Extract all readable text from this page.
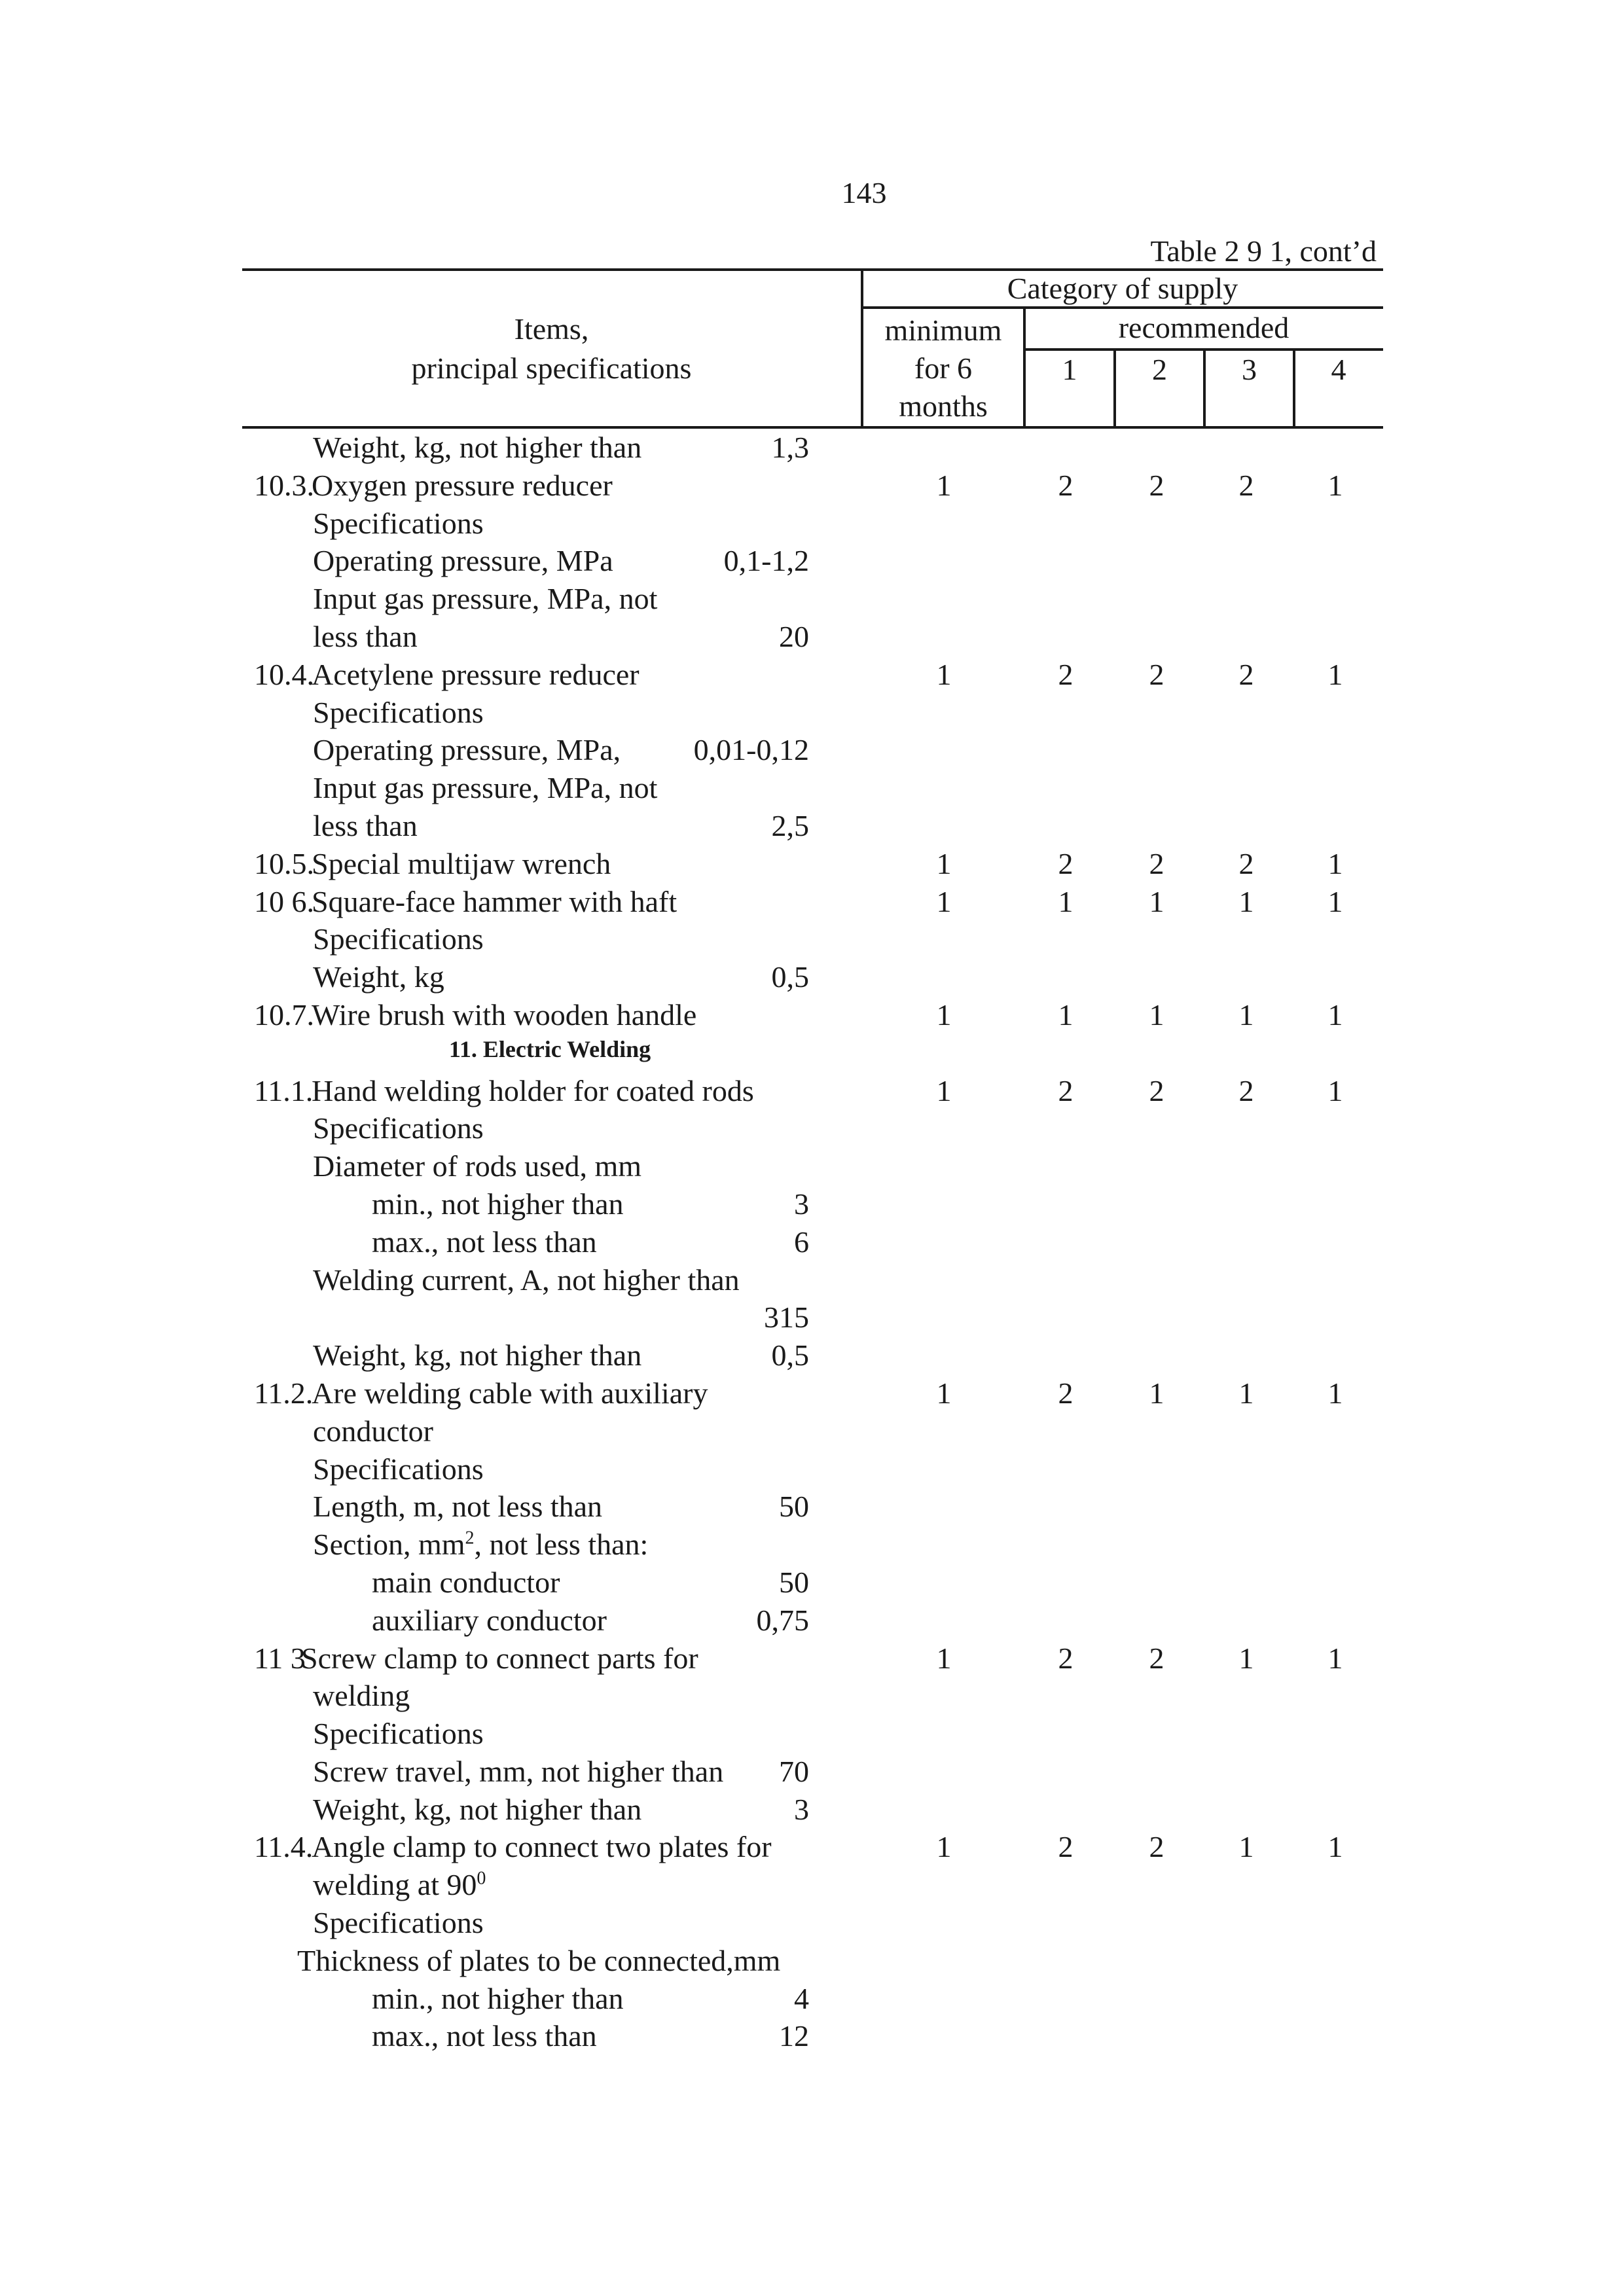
143
Table 2 9 1, cont’d
Items,
principal specifications
Category of supply
minimum
for 6
months
recommended
1	2	3	4
Weight, kg, not higher than	1,3
10.3.
Oxygen pressure reducer	1	2	2	2	1
Specifications
Operating pressure, MPa	0,1-1,2
Input gas pressure, MPa, not
less than	20
10.4.
Acetylene pressure reducer	1	2	2	2	1
Specifications
Operating pressure, MPa, 0,01-0,12
Input gas pressure, MPa, not
less than	2,5
10.5.
Special multijaw wrench	1	2	2	2	1
10 6.
Square-face hammer with haft	1	1	1	1	1
Specifications
Weight, kg	0,5
10.7.
Wire brush with wooden handle	1	1	1	1	1
11. Electric Welding
11.1.
Hand welding holder for coated rods	1	2	2	2	1
Specifications
Diameter of rods used, mm
min., not higher than	3
max., not less than	6
Welding current, A, not higher than
315
Weight, kg, not higher than	0,5
11.2.
Are welding cable with auxiliary	1	2	1	1	1
conductor
Specifications
Length, m, not less than	50
Section, $mm^2$, not less than:
main conductor	50
auxiliary conductor	0,75
11 3
Screw clamp to connect parts for	1	2	2	1	1
welding
Specifications
Screw travel, mm, not higher than 70
Weight, kg, not higher than	3
11.4.
Angle clamp to connect two plates for	1	2	2	1	1
welding at $90^0$
Specifications
Thickness of plates to be connected,mm
min., not higher than	4
max., not less than	12
